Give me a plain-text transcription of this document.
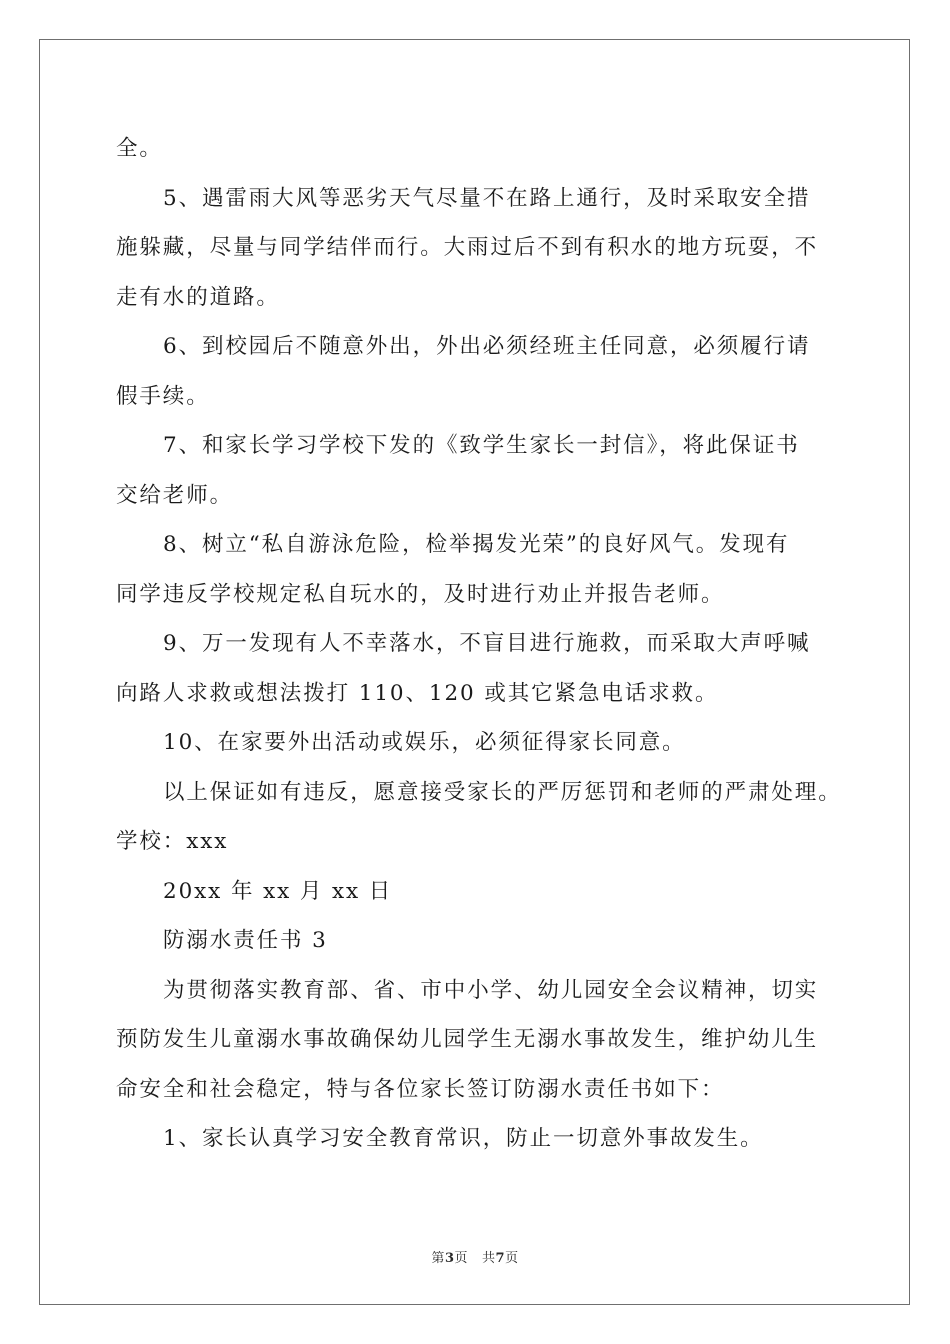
全。

5、遇雷雨大风等恶劣天气尽量不在路上通行，及时采取安全措

施躲藏，尽量与同学结伴而行。大雨过后不到有积水的地方玩耍，不

走有水的道路。

6、到校园后不随意外出，外出必须经班主任同意，必须履行请

假手续。

7、和家长学习学校下发的《致学生家长一封信》，将此保证书

交给老师。

8、树立“私自游泳危险，检举揭发光荣”的良好风气。发现有

同学违反学校规定私自玩水的，及时进行劝止并报告老师。

9、万一发现有人不幸落水，不盲目进行施救，而采取大声呼喊

向路人求救或想法拨打 110、120 或其它紧急电话求救。

10、在家要外出活动或娱乐，必须征得家长同意。

以上保证如有违反，愿意接受家长的严厉惩罚和老师的严肃处理。

学校：xxx

20xx 年 xx 月 xx 日

防溺水责任书 3

为贯彻落实教育部、省、市中小学、幼儿园安全会议精神，切实

预防发生儿童溺水事故确保幼儿园学生无溺水事故发生，维护幼儿生

命安全和社会稳定，特与各位家长签订防溺水责任书如下：

1、家长认真学习安全教育常识，防止一切意外事故发生。

第3页 共7页
